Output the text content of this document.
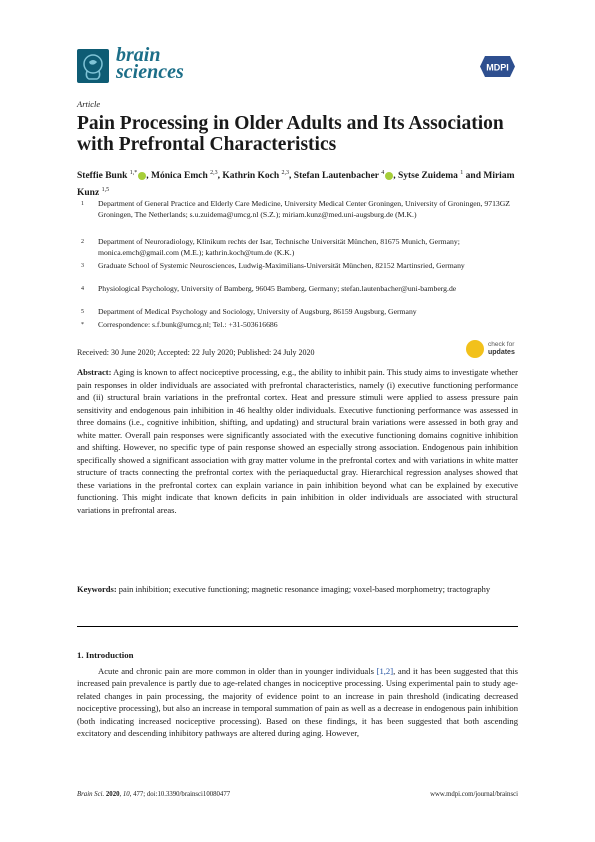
brain
sciences	MDPI
Article
Pain Processing in Older Adults and Its Association with Prefrontal Characteristics
Steffie Bunk $^{1,*}$ , Mónica Emch $^{2,3}$, Kathrin Koch $^{2,3}$, Stefan Lautenbacher $^4$ , Sytse Zuidema $^1$ and Miriam Kunz $^{1,5}$
1 Department of General Practice and Elderly Care Medicine, University Medical Center Groningen, University of Groningen, 9713GZ Groningen, The Netherlands; s.u.zuidema@umcg.nl (S.Z.); miriam.kunz@med.uni-augsburg.de (M.K.)
2 Department of Neuroradiology, Klinikum rechts der Isar, Technische Universität München, 81675 Munich, Germany; monica.emch@gmail.com (M.E.); kathrin.koch@tum.de (K.K.)
3 Graduate School of Systemic Neurosciences, Ludwig-Maximilians-Universität München, 82152 Martinsried, Germany
4 Physiological Psychology, University of Bamberg, 96045 Bamberg, Germany; stefan.lautenbacher@uni-bamberg.de
5 Department of Medical Psychology and Sociology, University of Augsburg, 86159 Augsburg, Germany
* Correspondence: s.f.bunk@umcg.nl; Tel.: +31-503616686
Received: 30 June 2020; Accepted: 22 July 2020; Published: 24 July 2020
check for
updates
Abstract: Aging is known to affect nociceptive processing, e.g., the ability to inhibit pain. This study aims to investigate whether pain responses in older individuals are associated with prefrontal characteristics, namely (i) executive functioning performance and (ii) structural brain variations in the prefrontal cortex. Heat and pressure stimuli were applied to assess pressure pain sensitivity and endogenous pain inhibition in 46 healthy older individuals. Executive functioning performance was assessed in three domains (i.e., cognitive inhibition, shifting, and updating) and structural brain variations were assessed in both gray and white matter. Overall pain responses were significantly associated with the executive functioning domains cognitive inhibition and shifting. However, no specific type of pain response showed an especially strong association. Endogenous pain inhibition specifically showed a significant association with gray matter volume in the prefrontal cortex and with variations in white matter structure of tracts connecting the prefrontal cortex with the periaqueductal gray. Hierarchical regression analyses showed that these variations in the prefrontal cortex can explain variance in pain inhibition beyond what can be explained by executive functioning. This might indicate that known deficits in pain inhibition in older individuals are associated with structural variations in prefrontal areas.
Keywords: pain inhibition; executive functioning; magnetic resonance imaging; voxel-based morphometry; tractography
1. Introduction
Acute and chronic pain are more common in older than in younger individuals [1,2], and it has been suggested that this increased pain prevalence is partly due to age-related changes in nociceptive processing. Using experimental pain to study age-related changes in pain processing, the majority of evidence point to an increase in pain threshold (indicating decreased nociceptive processing), but also an increase in temporal summation of pain as well as a decrease in endogenous pain inhibition (both indicating increased nociceptive processing). Based on these findings, it has been suggested that both ascending excitatory and descending inhibitory pathways are altered during aging. However,
Brain Sci. 2020, 10, 477; doi:10.3390/brainsci10080477	www.mdpi.com/journal/brainsci
